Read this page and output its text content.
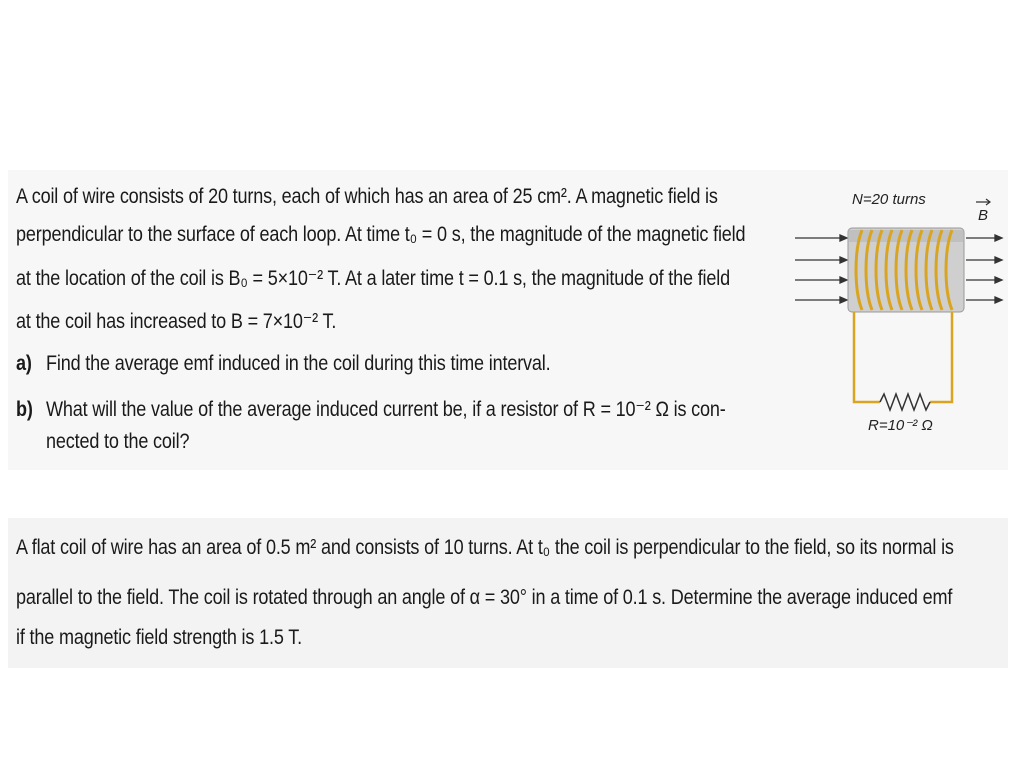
A coil of wire consists of 20 turns, each of which has an area of 25 cm². A magnetic field is
perpendicular to the surface of each loop. At time t₀ = 0 s, the magnitude of the magnetic field
at the location of the coil is B₀ = 5×10⁻² T. At a later time t = 0.1 s, the magnitude of the field
at the coil has increased to B = 7×10⁻² T.
a) Find the average emf induced in the coil during this time interval.
b) What will the value of the average induced current be, if a resistor of R = 10⁻² Ω is con-
nected to the coil?
N=20 turns
B
R=10⁻² Ω
A flat coil of wire has an area of 0.5 m² and consists of 10 turns. At t₀ the coil is perpendicular to the field, so its normal is
parallel to the field. The coil is rotated through an angle of α = 30° in a time of 0.1 s. Determine the average induced emf
if the magnetic field strength is 1.5 T.
